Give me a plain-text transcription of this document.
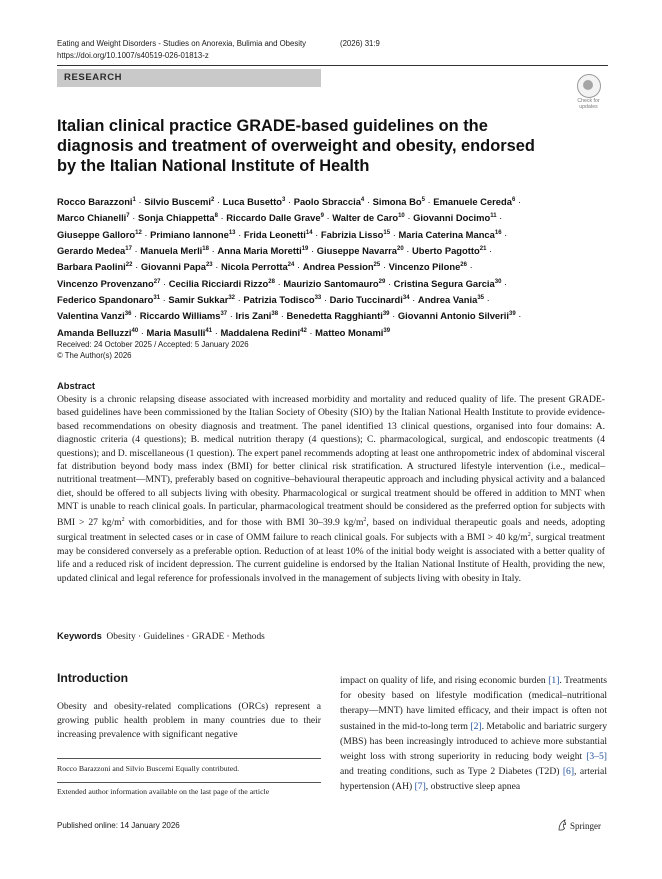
Eating and Weight Disorders - Studies on Anorexia, Bulimia and Obesity	(2026) 31:9
https://doi.org/10.1007/s40519-026-01813-z
RESEARCH
Check for
updates
Italian clinical practice GRADE-based guidelines on the diagnosis and treatment of overweight and obesity, endorsed by the Italian National Institute of Health
Rocco Barazzoni$^1$ · Silvio Buscemi$^2$ · Luca Busetto$^3$ · Paolo Sbraccia$^4$ · Simona $Bo^5$ · Emanuele Cereda$^6$ ·
Marco Chianelli$^7$ · Sonja Chiappetta$^8$ · Riccardo Dalle Grave$^9$ · Walter de Caro$^{10}$ · Giovanni Docimo$^{11}$ ·
Giuseppe Galloro$^{12}$ · Primiano Iannone$^{13}$ · Frida Leonetti$^{14}$ · Fabrizia Lisso$^{15}$ · Maria Caterina Manca$^{16}$ ·
Gerardo Medea$^{17}$ · Manuela Merli$^{18}$ · Anna Maria Moretti$^{19}$ · Giuseppe Navarra$^{20}$ · Uberto Pagotto$^{21}$ ·
Barbara Paolini$^{22}$ · Giovanni Papa$^{23}$ · Nicola Perrotta$^{24}$ · Andrea Pession$^{25}$ · Vincenzo Pilone$^{26}$ ·
Vincenzo Provenzano$^{27}$ · Cecilia Ricciardi Rizzo$^{28}$ · Maurizio Santomauro$^{29}$ · Cristina Segura Garcia$^{30}$ ·
Federico Spandonaro$^{31}$ · Samir Sukkar$^{32}$ · Patrizia Todisco$^{33}$ · Dario Tuccinardi$^{34}$ · Andrea Vania$^{35}$ ·
Valentina Vanzi$^{36}$ · Riccardo Williams$^{37}$ · Iris Zani$^{38}$ · Benedetta Ragghianti$^{39}$ · Giovanni Antonio Silverii$^{39}$ ·
Amanda Belluzzi$^{40}$ · Maria Masulli$^{41}$ · Maddalena Redini$^{42}$ · Matteo Monami$^{39}$
Received: 24 October 2025 / Accepted: 5 January 2026
© The Author(s) 2026
Abstract
Obesity is a chronic relapsing disease associated with increased morbidity and mortality and reduced quality of life. The present GRADE-based guidelines have been commissioned by the Italian Society of Obesity (SIO) by the Italian National Health Institute to provide evidence-based recommendations on obesity diagnosis and treatment. The panel identified 13 clinical questions, organised into four domains: A. diagnostic criteria (4 questions); B. medical nutrition therapy (4 questions); C. pharmacological, surgical, and endoscopic treatments (4 questions); and D. miscellaneous (1 question). The expert panel recommends adopting at least one anthropometric index of abdominal visceral fat distribution beyond body mass index (BMI) for better clinical risk stratification. A structured lifestyle intervention (i.e., medical–nutritional treatment—MNT), preferably based on cognitive–behavioural therapeutic approach and including physical activity and a balanced diet, should be offered to all subjects living with obesity. Pharmacological or surgical treatment should be offered in addition to MNT when MNT is unable to reach clinical goals. In particular, pharmacological treatment should be considered as the preferred option for subjects with BMI > 27 $kg/m^2$ with comorbidities, and for those with BMI 30–39.9 $kg/m^2$, based on individual therapeutic goals and needs, adopting surgical treatment in selected cases or in case of OMM failure to reach clinical goals. For subjects with a BMI > 40 $kg/m^2$, surgical treatment may be considered conversely as a preferable option. Reduction of at least 10% of the initial body weight is associated with a better quality of life and a reduced risk of incident depression. The current guideline is endorsed by the Italian National Institute of Health, providing the new, updated clinical and legal reference for professionals involved in the management of subjects living with obesity in Italy.
Keywords Obesity · Guidelines · GRADE · Methods
Introduction
Obesity and obesity-related complications (ORCs) represent a growing public health problem in many countries due to their increasing prevalence with significant negative
impact on quality of life, and rising economic burden [1]. Treatments for obesity based on lifestyle modification (medical–nutritional therapy—MNT) have limited efficacy, and their impact is often not sustained in the mid-to-long term [2]. Metabolic and bariatric surgery (MBS) has been increasingly introduced to achieve more substantial weight loss with strong superiority in reducing body weight [3–5] and treating conditions, such as Type 2 Diabetes (T2D) [6], arterial hypertension (AH) [7], obstructive sleep apnea
Rocco Barazzoni and Silvio Buscemi Equally contributed.
Extended author information available on the last page of the article
Published online: 14 January 2026	Springer
